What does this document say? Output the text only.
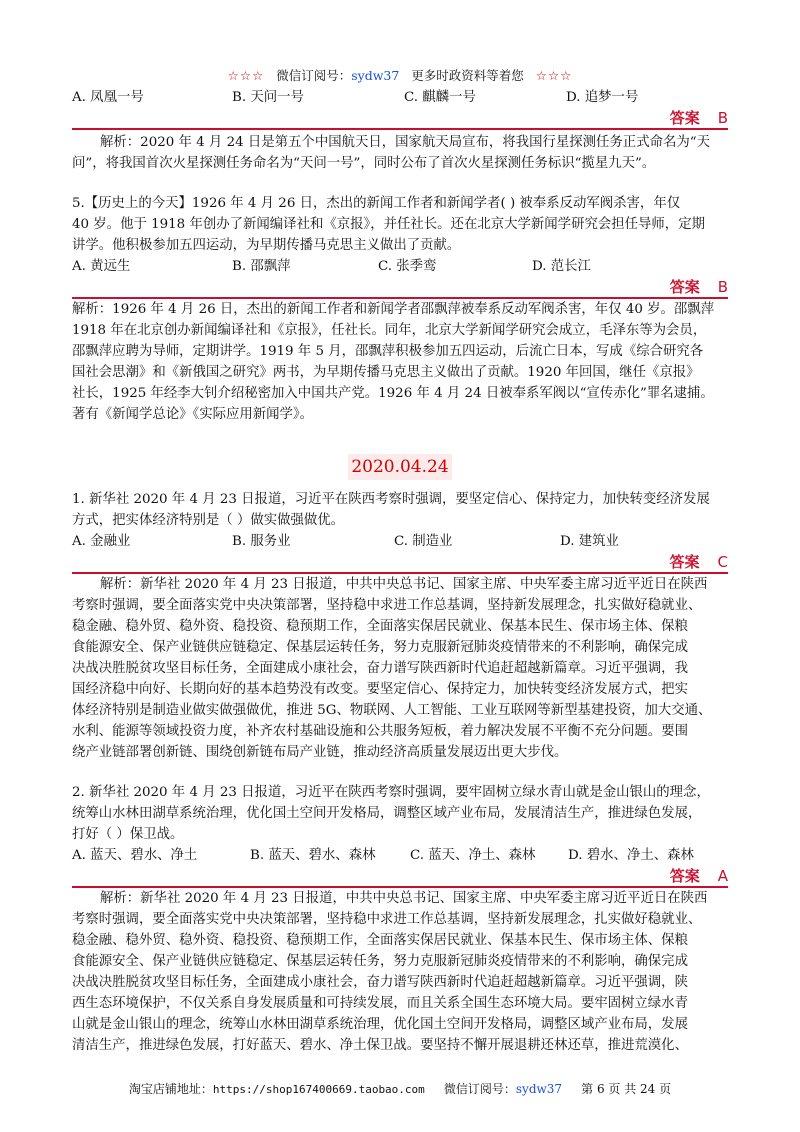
☆☆☆ 微信订阅号：sydw37 更多时政资料等着您 ☆☆☆
A. 凤凰一号	B. 天问一号	C. 麒麟一号	D. 追梦一号
答案 B
解析：2020 年 4 月 24 日是第五个中国航天日，国家航天局宣布，将我国行星探测任务正式命名为“天
问”，将我国首次火星探测任务命名为“天问一号”，同时公布了首次火星探测任务标识“揽星九天”。
5.【历史上的今天】1926 年 4 月 26 日，杰出的新闻工作者和新闻学者( ) 被奉系反动军阀杀害，年仅
40 岁。他于 1918 年创办了新闻编译社和《京报》，并任社长。还在北京大学新闻学研究会担任导师，定期
讲学。他积极参加五四运动，为早期传播马克思主义做出了贡献。
A. 黄远生	B. 邵飘萍	C. 张季鸾	D. 范长江
答案 B
解析：1926 年 4 月 26 日，杰出的新闻工作者和新闻学者邵飘萍被奉系反动军阀杀害，年仅 40 岁。邵飘萍
1918 年在北京创办新闻编译社和《京报》，任社长。同年，北京大学新闻学研究会成立，毛泽东等为会员，
邵飘萍应聘为导师，定期讲学。1919 年 5 月，邵飘萍积极参加五四运动，后流亡日本，写成《综合研究各
国社会思潮》和《新俄国之研究》两书，为早期传播马克思主义做出了贡献。1920 年回国，继任《京报》
社长，1925 年经李大钊介绍秘密加入中国共产党。1926 年 4 月 24 日被奉系军阀以“宣传赤化”罪名逮捕。
著有《新闻学总论》《实际应用新闻学》。
2020.04.24
1. 新华社 2020 年 4 月 23 日报道，习近平在陕西考察时强调，要坚定信心、保持定力，加快转变经济发展
方式，把实体经济特别是（ ）做实做强做优。
A. 金融业	B. 服务业	C. 制造业	D. 建筑业
答案 C
解析：新华社 2020 年 4 月 23 日报道，中共中央总书记、国家主席、中央军委主席习近平近日在陕西
考察时强调，要全面落实党中央决策部署，坚持稳中求进工作总基调，坚持新发展理念，扎实做好稳就业、
稳金融、稳外贸、稳外资、稳投资、稳预期工作，全面落实保居民就业、保基本民生、保市场主体、保粮
食能源安全、保产业链供应链稳定、保基层运转任务，努力克服新冠肺炎疫情带来的不利影响，确保完成
决战决胜脱贫攻坚目标任务，全面建成小康社会，奋力谱写陕西新时代追赶超越新篇章。习近平强调，我
国经济稳中向好、长期向好的基本趋势没有改变。要坚定信心、保持定力，加快转变经济发展方式，把实
体经济特别是制造业做实做强做优，推进 5G、物联网、人工智能、工业互联网等新型基建投资，加大交通、
水利、能源等领域投资力度，补齐农村基础设施和公共服务短板，着力解决发展不平衡不充分问题。要围
绕产业链部署创新链、围绕创新链布局产业链，推动经济高质量发展迈出更大步伐。
2. 新华社 2020 年 4 月 23 日报道，习近平在陕西考察时强调，要牢固树立绿水青山就是金山银山的理念，
统筹山水林田湖草系统治理，优化国土空间开发格局，调整区域产业布局，发展清洁生产，推进绿色发展，
打好（ ）保卫战。
A. 蓝天、碧水、净土	B. 蓝天、碧水、森林	C. 蓝天、净土、森林 D. 碧水、净土、森林
答案 A
解析：新华社 2020 年 4 月 23 日报道，中共中央总书记、国家主席、中央军委主席习近平近日在陕西
考察时强调，要全面落实党中央决策部署，坚持稳中求进工作总基调，坚持新发展理念，扎实做好稳就业、
稳金融、稳外贸、稳外资、稳投资、稳预期工作，全面落实保居民就业、保基本民生、保市场主体、保粮
食能源安全、保产业链供应链稳定、保基层运转任务，努力克服新冠肺炎疫情带来的不利影响，确保完成
决战决胜脱贫攻坚目标任务，全面建成小康社会，奋力谱写陕西新时代追赶超越新篇章。习近平强调，陕
西生态环境保护，不仅关系自身发展质量和可持续发展，而且关系全国生态环境大局。要牢固树立绿水青
山就是金山银山的理念，统筹山水林田湖草系统治理，优化国土空间开发格局，调整区域产业布局，发展
清洁生产，推进绿色发展，打好蓝天、碧水、净土保卫战。要坚持不懈开展退耕还林还草，推进荒漠化、
淘宝店铺地址：https://shop167400669.taobao.com 微信订阅号：sydw37 第 6 页 共 24 页
